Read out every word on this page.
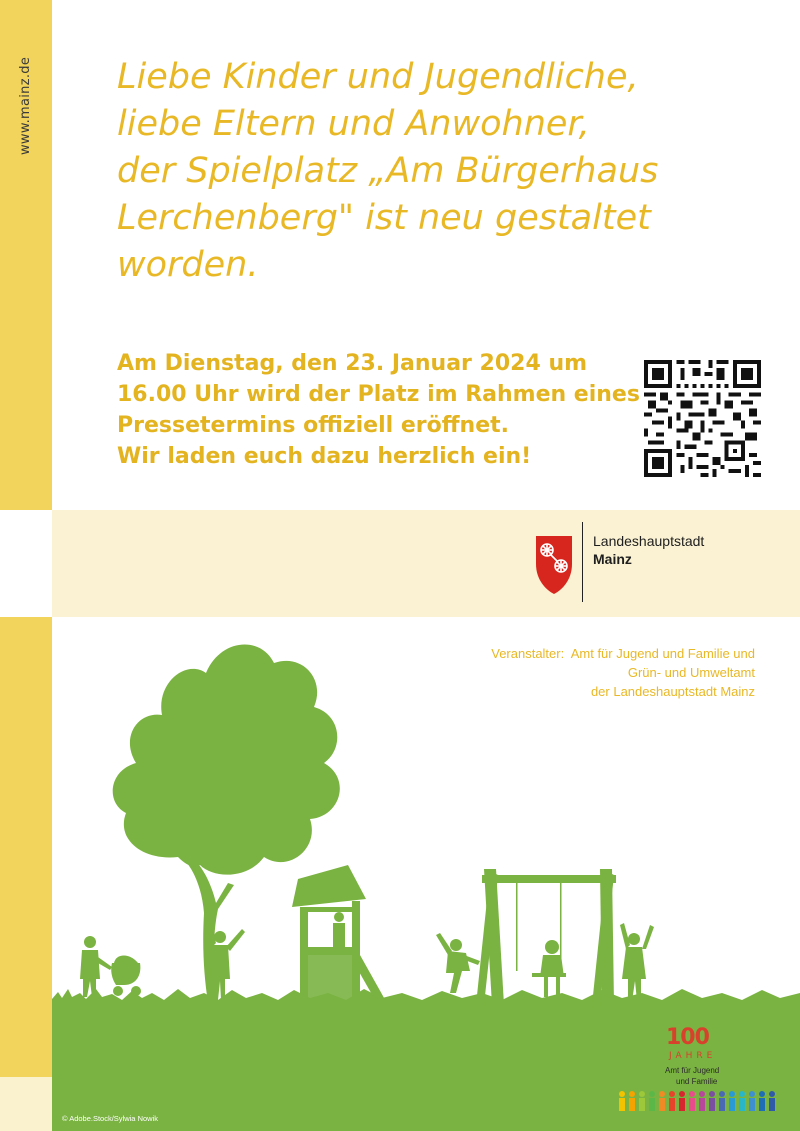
www.mainz.de Liebe Kinder und Jugendliche,
liebe Eltern und Anwohner,
der Spielplatz „Am Bürgerhaus
Lerchenberg" ist neu gestaltet
worden.
Am Dienstag, den 23. Januar 2024 um
16.00 Uhr wird der Platz im Rahmen eines
Pressetermins offiziell eröffnet.
Wir laden euch dazu herzlich ein!
Landeshauptstadt
Mainz
Veranstalter:  Amt für Jugend und Familie und
Grün- und Umweltamt
der Landeshauptstadt Mainz
© Adobe.Stock/Sylwia Nowik
100
JAHRE
Amt für Jugend
und Familie
